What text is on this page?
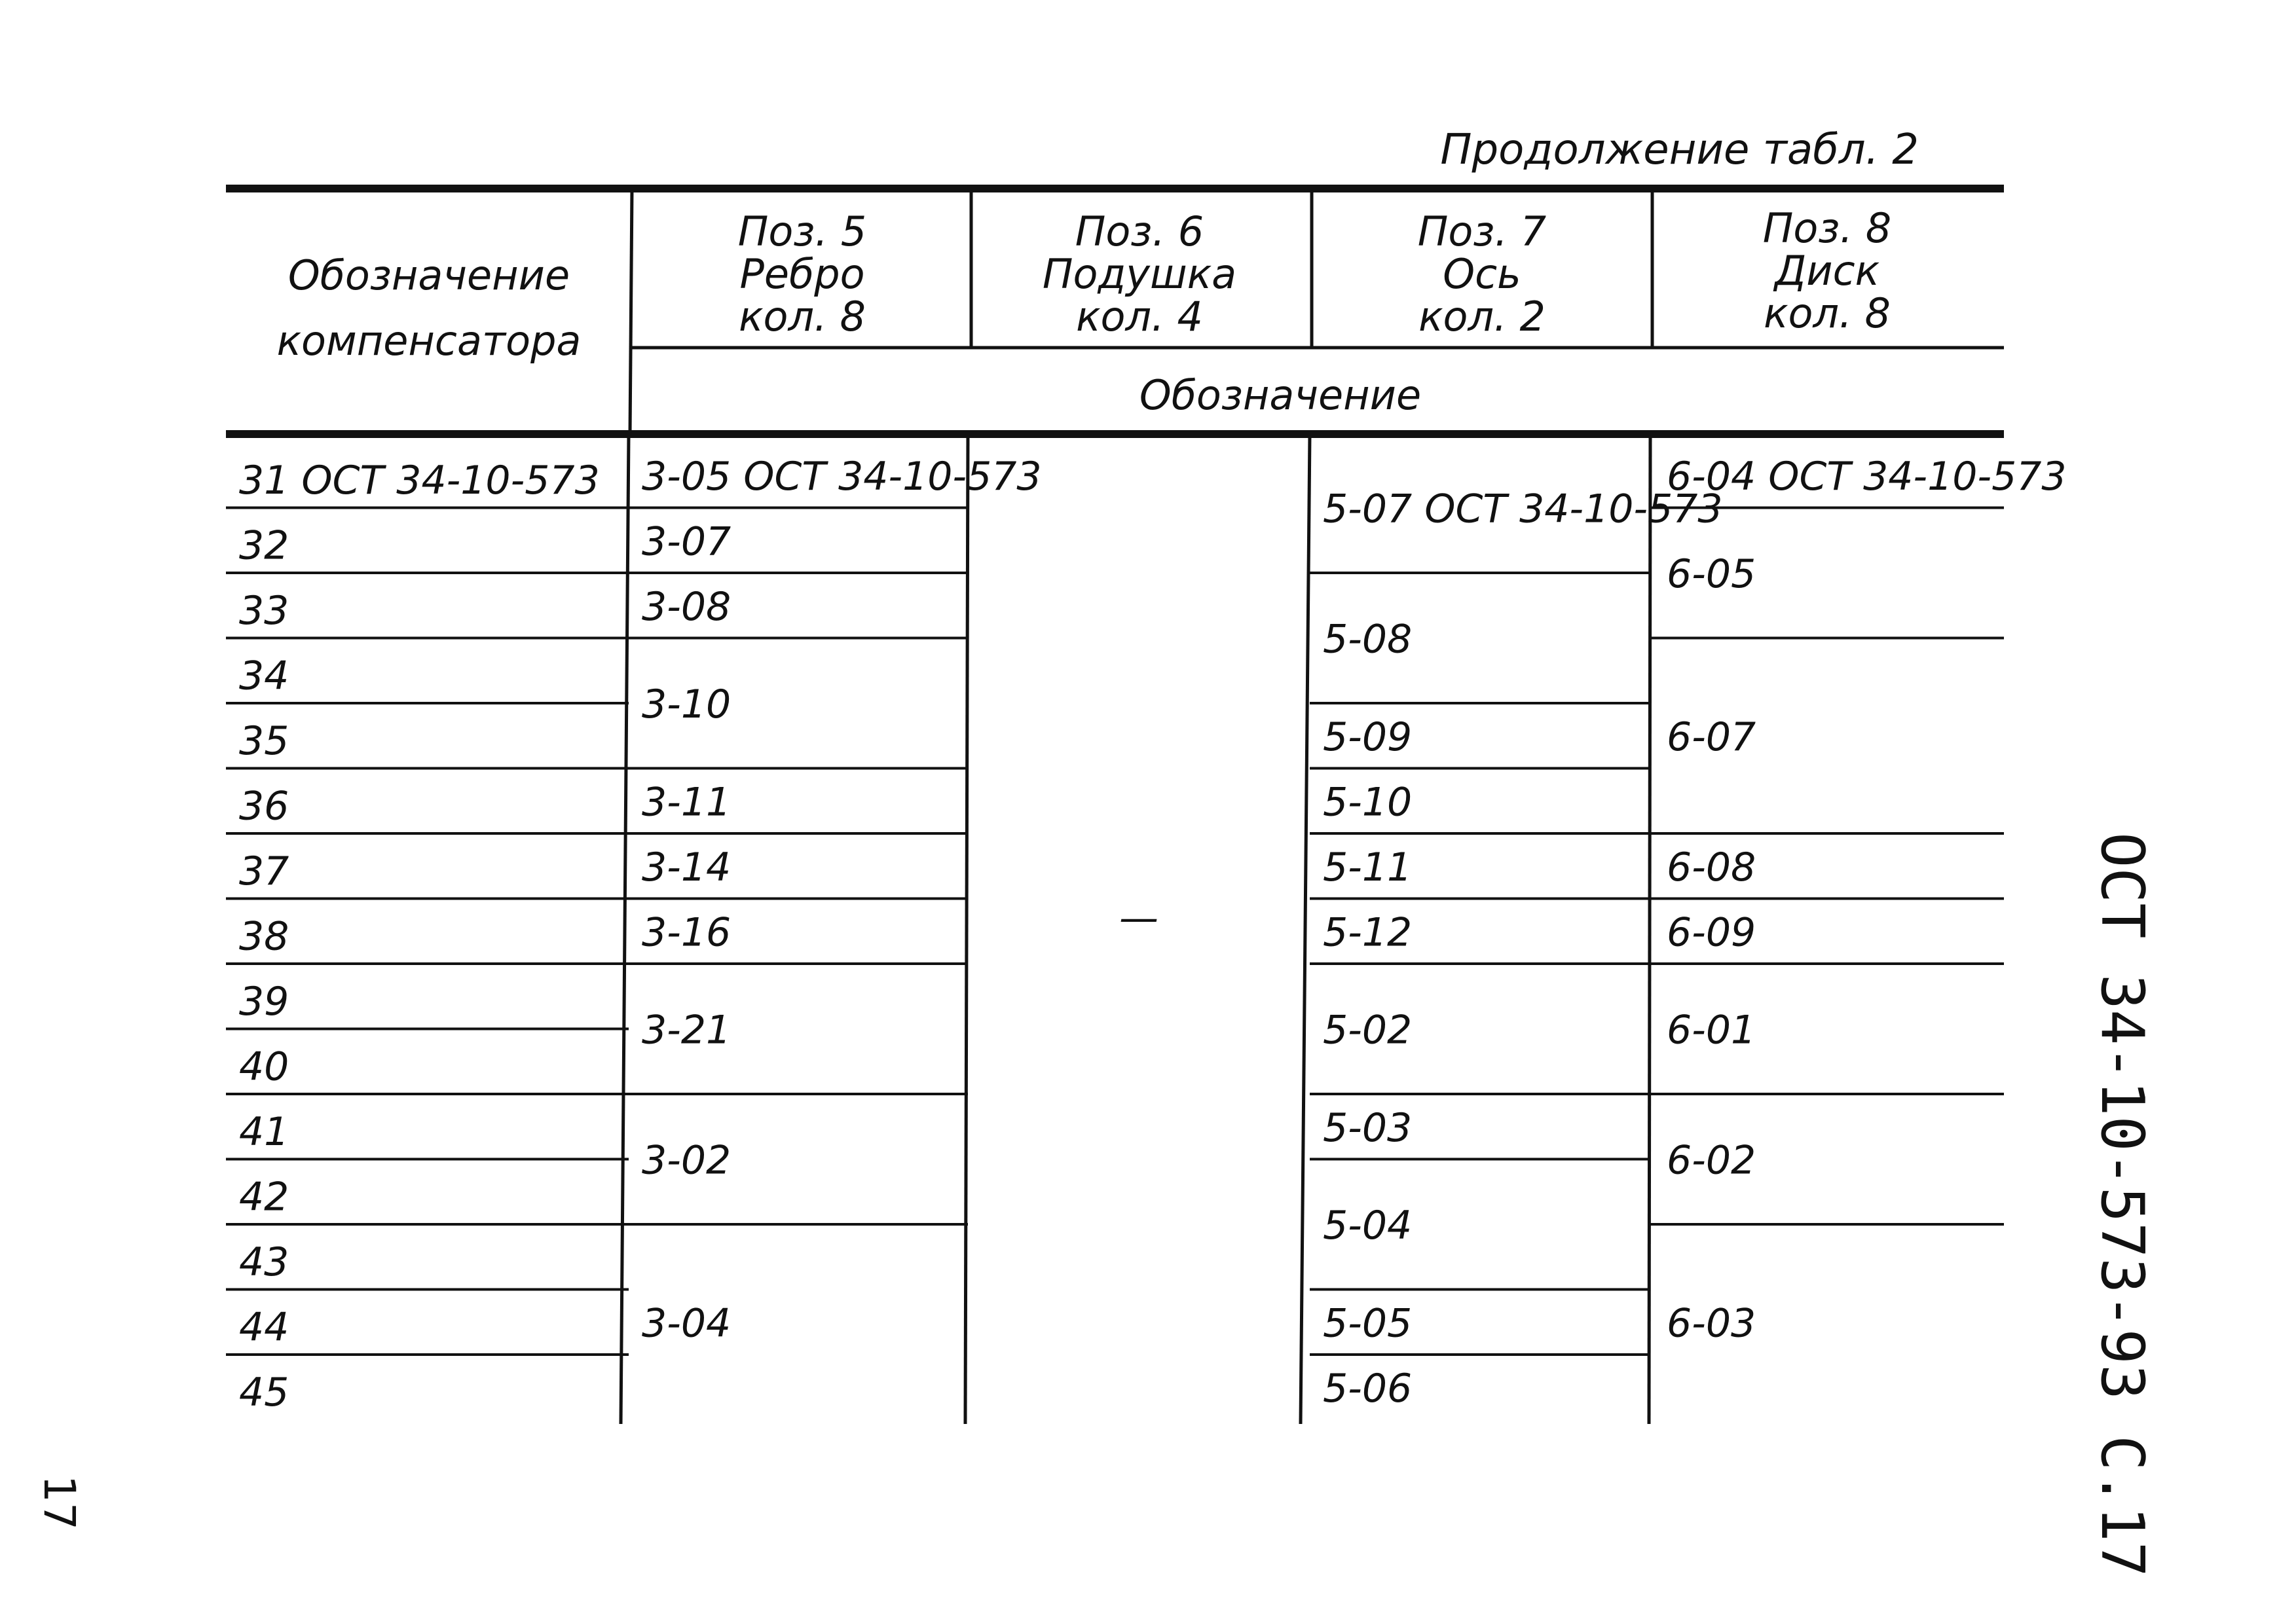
Продолжение табл. 2
ОСТ 34-10-573-93 С.17
17
Обозначение
компенсатора
Поз. 5
Ребро
кол. 8
Поз. 6
Подушка
кол. 4
Поз. 7
Ось
кол. 2
Поз. 8
Диск
кол. 8
Обозначение
31 ОСТ 34-10-573
32
33
34
35
36
37
38
39
40
41
42
43
44
45
3-05 ОСТ 34-10-573
3-07
3-08
3-10
3-11
3-14
3-16
3-21
3-02
3-04
5-07 ОСТ 34-10-573
5-08
5-09
5-10
5-11
5-12
5-02
5-03
5-04
5-05
5-06
6-04 ОСТ 34-10-573
6-05
6-07
6-08
6-09
6-01
6-02
6-03
—
